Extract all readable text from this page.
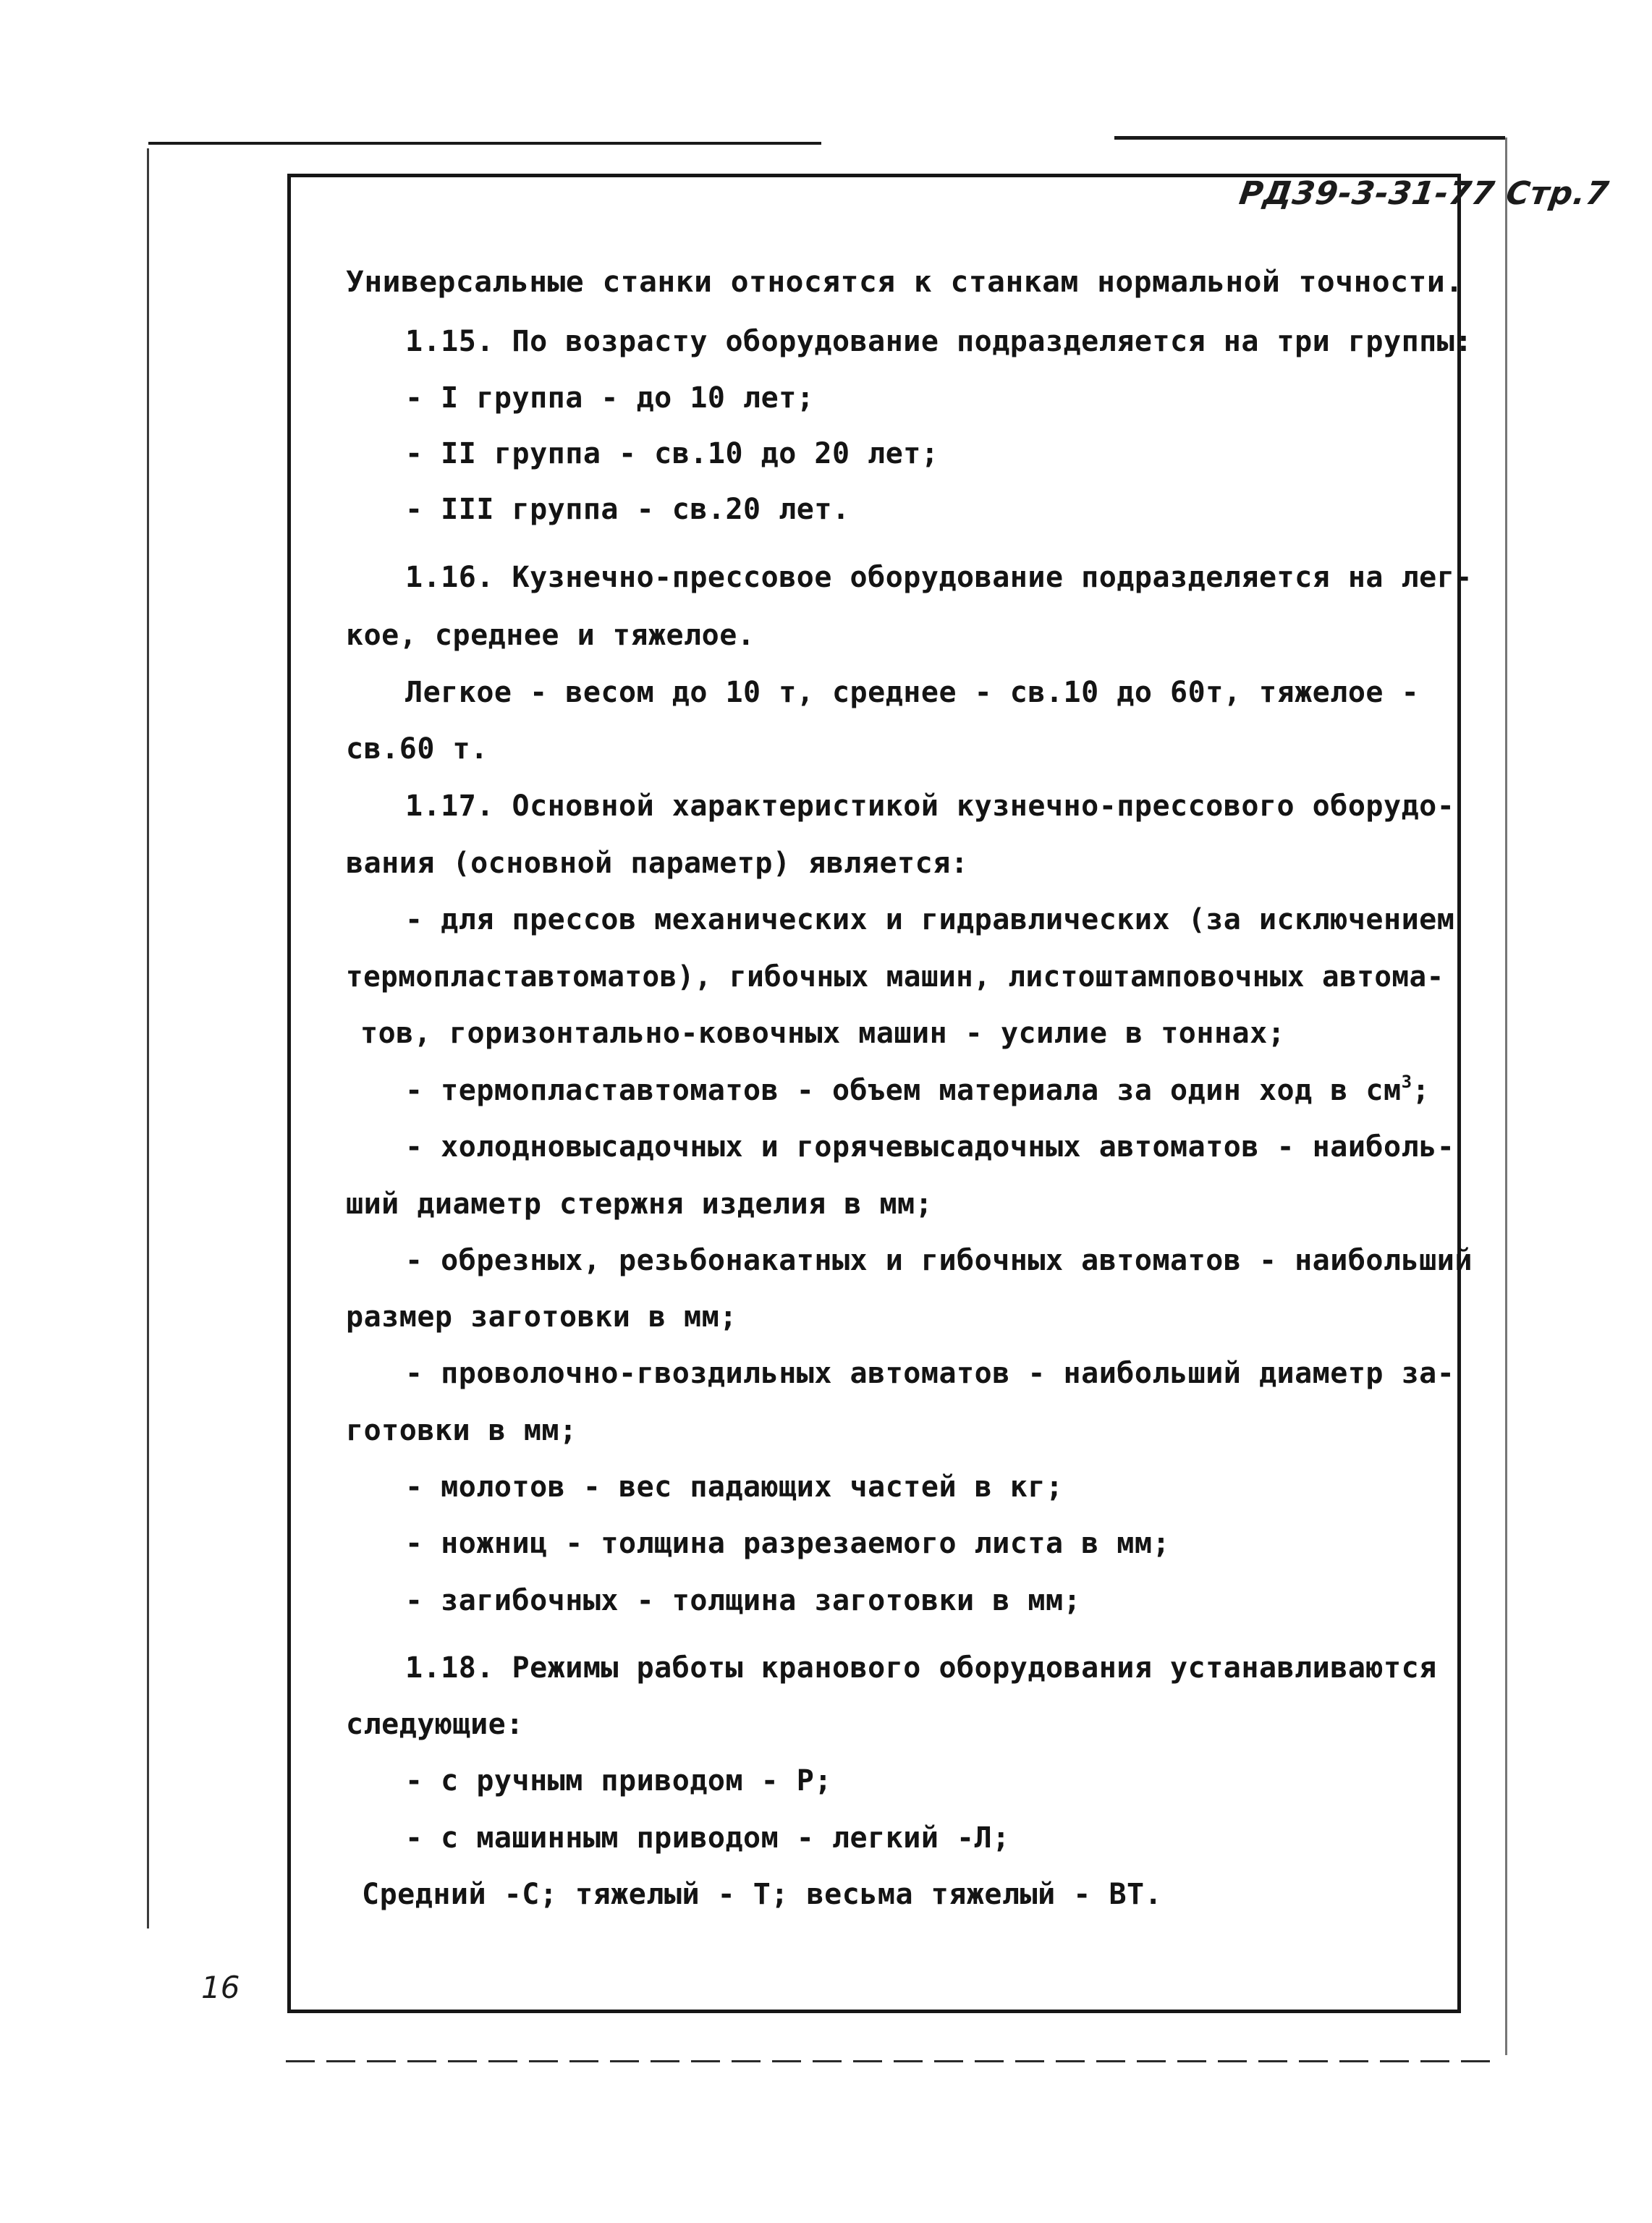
РД39-3-31-77 Стр.7
Универсальные станки относятся к станкам нормальной точности.
1.15. По возрасту оборудование подразделяется на три группы:
- I группа - до 10 лет;
- II группа - св.10 до 20 лет;
- III группа - св.20 лет.
1.16. Кузнечно-прессовое оборудование подразделяется на лег-
кое, среднее и тяжелое.
Легкое - весом до 10 т, среднее - св.10 до 60т, тяжелое -
св.60 т.
1.17. Основной характеристикой кузнечно-прессового оборудо-
вания (основной параметр) является:
- для прессов механических и гидравлических (за исключением
термопластавтоматов), гибочных машин, листоштамповочных автома-
тов, горизонтально-ковочных машин - усилие в тоннах;
- термопластавтоматов - объем материала за один ход в $см^3$;
- холодновысадочных и горячевысадочных автоматов - наиболь-
ший диаметр стержня изделия в мм;
- обрезных, резьбонакатных и гибочных автоматов - наибольший
размер заготовки в мм;
- проволочно-гвоздильных автоматов - наибольший диаметр за-
готовки в мм;
- молотов - вес падающих частей в кг;
- ножниц - толщина разрезаемого листа в мм;
- загибочных - толщина заготовки в мм;
1.18. Режимы работы кранового оборудования устанавливаются
следующие:
- с ручным приводом - Р;
- с машинным приводом - легкий -Л;
Средний -С; тяжелый - Т; весьма тяжелый - ВТ.
16
